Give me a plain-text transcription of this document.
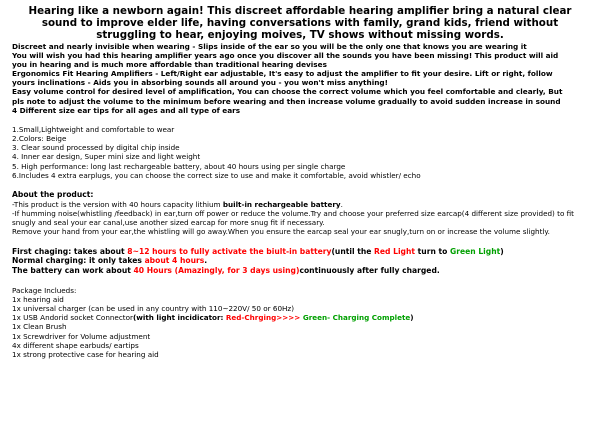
Hearing like a newborn again! This discreet affordable hearing amplifier bring a natural clear sound to improve elder life, having conversations with family, grand kids, friend without struggling to hear, enjoying moives, TV shows without missing words.
Discreet and nearly invisible when wearing - Slips inside of the ear so you will be the only one that knows you are wearing it
You will wish you had this hearing amplifier years ago once you discover all the sounds you have been missing! This product will aid
you in hearing and is much more affordable than traditional hearing devises
Ergonomics Fit Hearing Amplifiers - Left/Right ear adjustable, It's easy to adjust the amplifier to fit your desire. Lift or right, follow
yours inclinations - Aids you in absorbing sounds all around you - you won't miss anything!
Easy volume control for desired level of amplification, You can choose the correct volume which you feel comfortable and clearly, But
pls note to adjust the volume to the minimum before wearing and then increase volume gradually to avoid sudden increase in sound
4 Different size ear tips for all ages and all type of ears
1.Small,Lightweight and comfortable to wear
2.Colors: Beige
3. Clear sound processed by digital chip inside
4. Inner ear design, Super mini size and light weight
5. High performance: long last rechargeable battery, about 40 hours using per single charge
6.Includes 4 extra earplugs, you can choose the correct size to use and make it comfortable, avoid whistler/ echo
About the product:

-This product is the version with 40 hours capacity lithium built-in rechargeable battery.

-If humming noise(whistling /feedback) in ear,turn off power or reduce the volume.Try and choose your preferred size earcap(4 different size provided) to fit snugly and seal your ear canal,use another sized earcap for more snug fit if necessary.

Remove your hand from your ear,the whistling will go away.When you ensure the earcap seal your ear snugly,turn on or increase the volume slightly.

First chaging: takes about 8~12 hours to fully activate the biult-in battery(until the Red Light turn to Green Light)
Normal charging: it only takes about 4 hours.
The battery can work about 40 Hours (Amazingly, for 3 days using)continuously after fully charged.
Package Inclueds:
1x hearing aid
1x universal charger (can be used in any country with 110~220V/ 50 or 60Hz)
1x USB Andorid socket Connector(with light incidicator: Red-Chrging>>>> Green- Charging Complete)
1x Clean Brush
1x Screwdriver for Volume adjustment
4x different shape earbuds/ eartips
1x strong protective case for hearing aid
